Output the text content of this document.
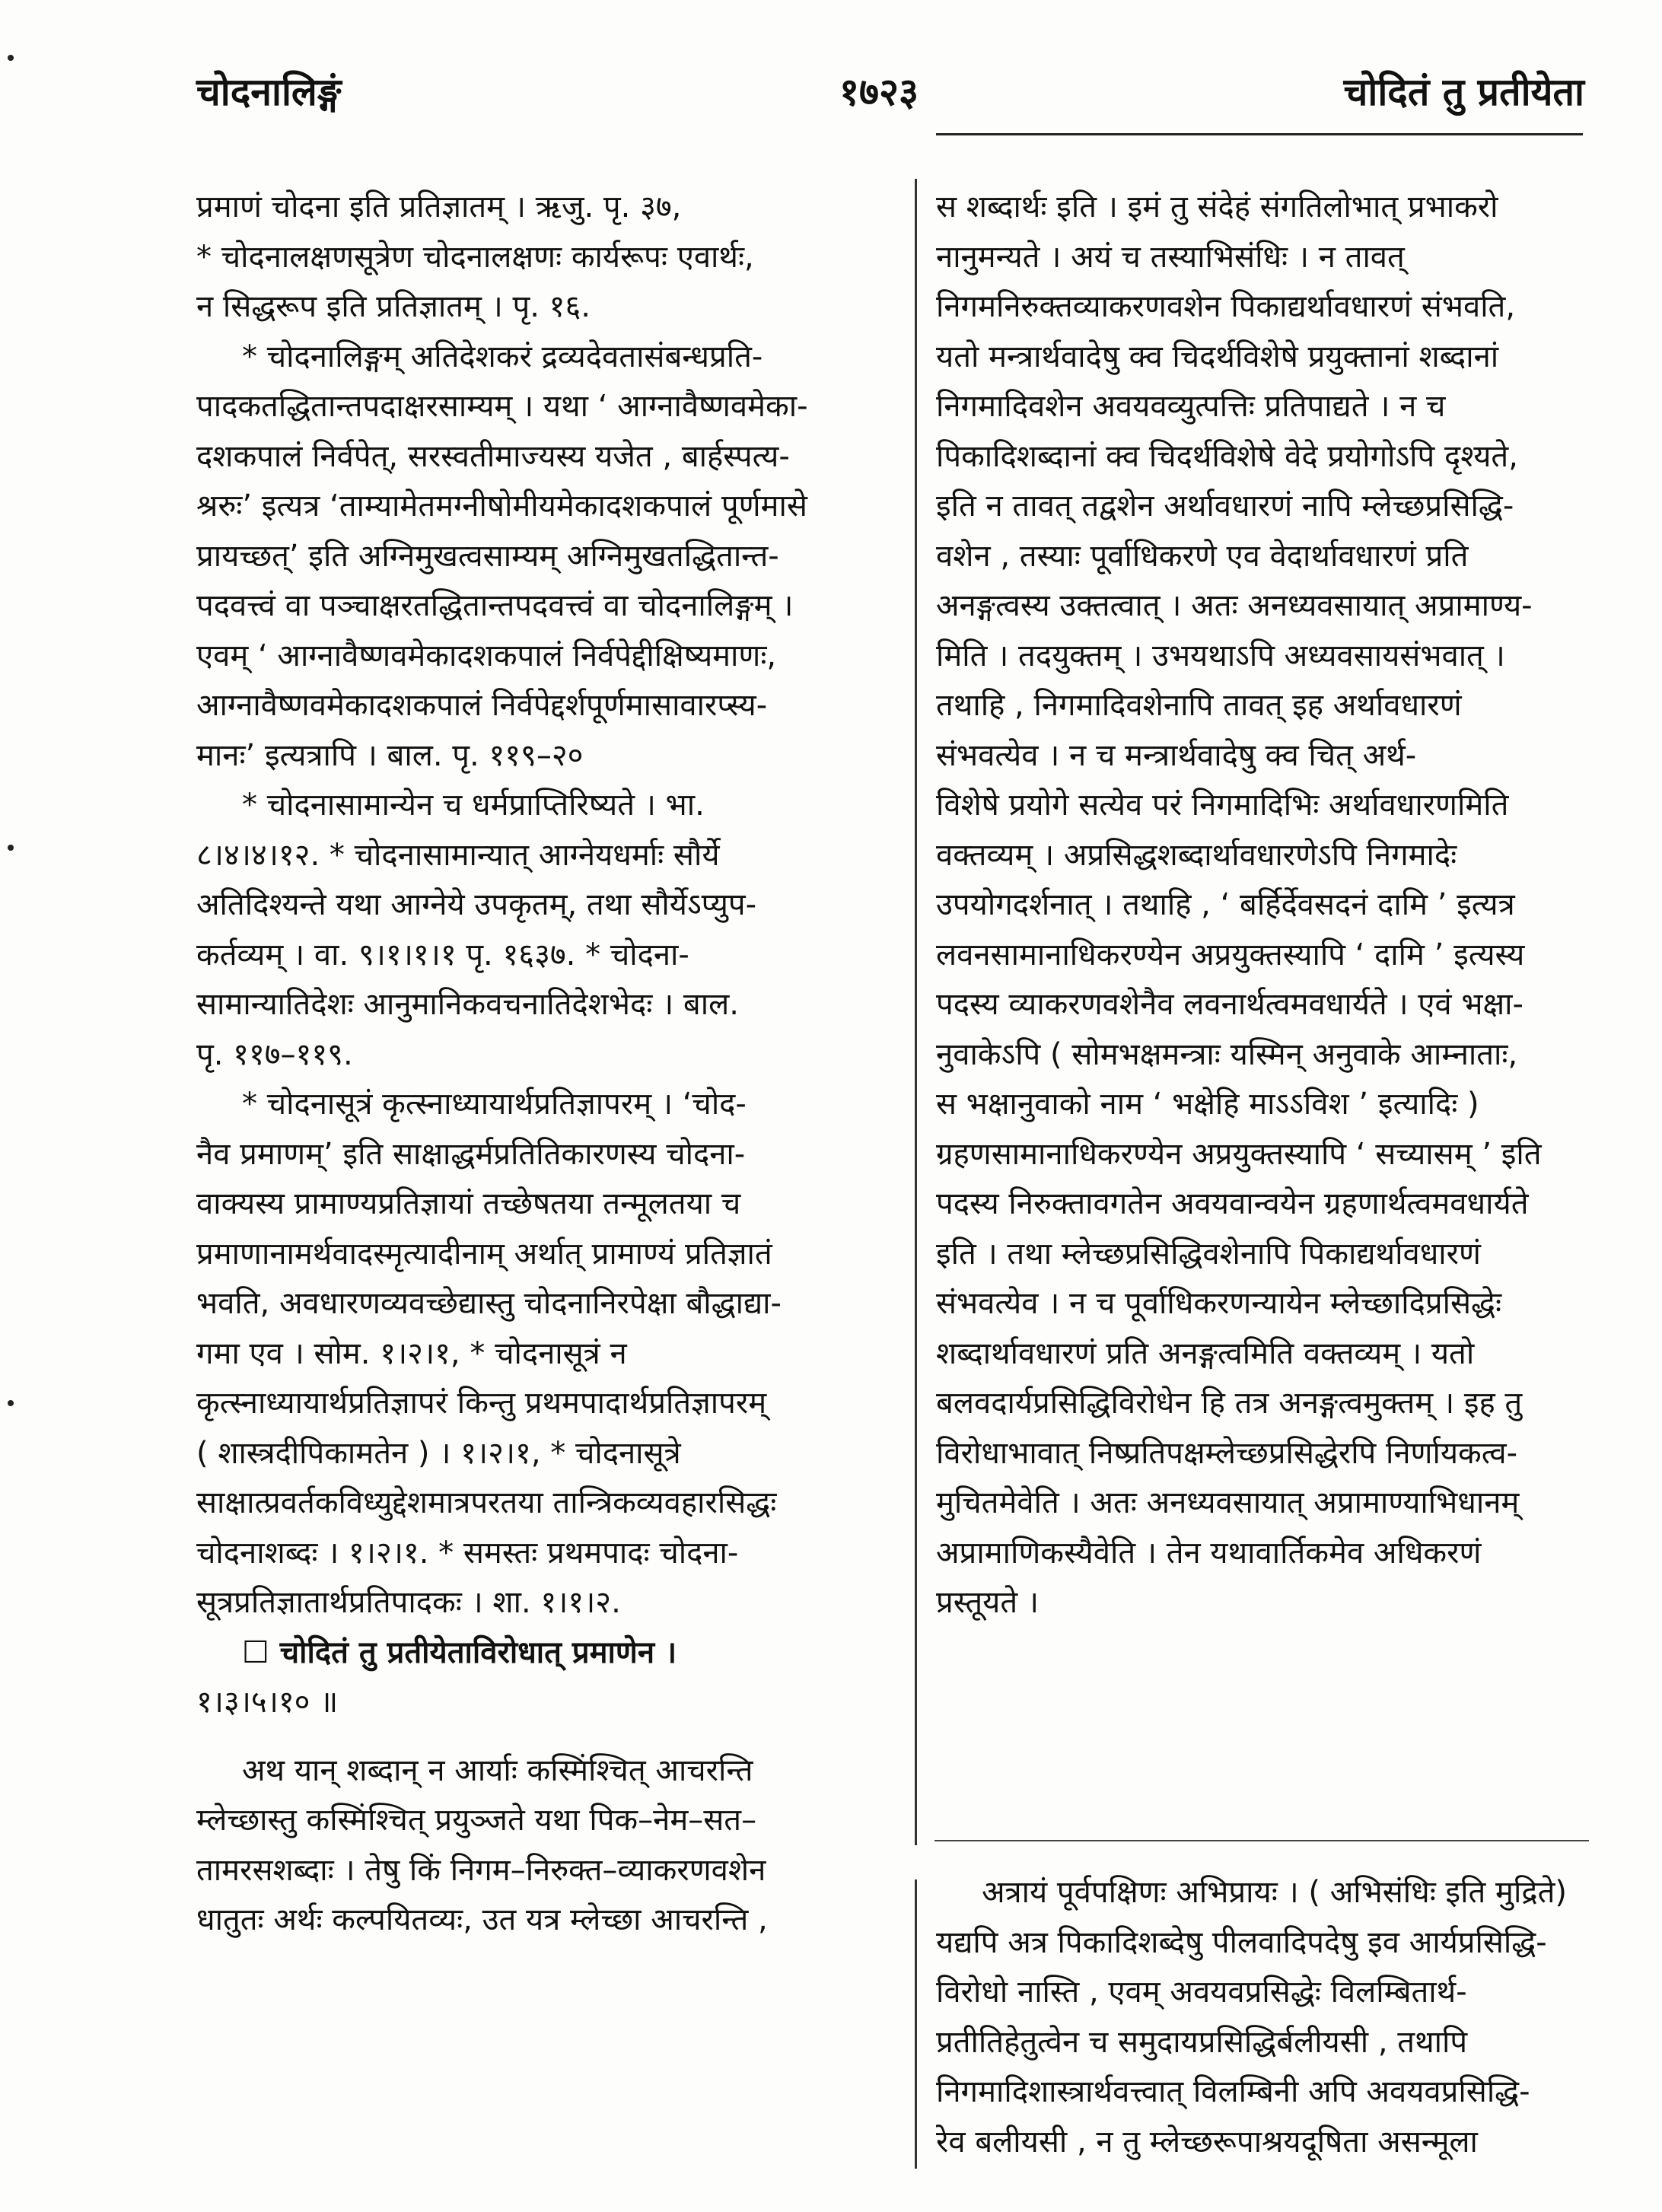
चोदनालिङ्गं	१७२३	चोदितं तु प्रतीयेता
प्रमाणं चोदना इति प्रतिज्ञातम् । ऋजु. पृ. ३७,
* चोदनालक्षणसूत्रेण चोदनालक्षणः कार्यरूपः एवार्थः,
न सिद्धरूप इति प्रतिज्ञातम् । पृ. १६.
* चोदनालिङ्गम् अतिदेशकरं द्रव्यदेवतासंबन्धप्रति-
पादकतद्धितान्तपदाक्षरसाम्यम् । यथा ‘ आग्नावैष्णवमेका-
दशकपालं निर्वपेत्, सरस्वतीमाज्यस्य यजेत , बार्हस्पत्य-
श्ररुः’ इत्यत्र ‘ताम्यामेतमग्नीषोमीयमेकादशकपालं पूर्णमासे
प्रायच्छत्’ इति अग्निमुखत्वसाम्यम् अग्निमुखतद्धितान्त-
पदवत्त्वं वा पञ्चाक्षरतद्धितान्तपदवत्त्वं वा चोदनालिङ्गम् ।
एवम् ‘ आग्नावैष्णवमेकादशकपालं निर्वपेद्दीक्षिष्यमाणः,
आग्नावैष्णवमेकादशकपालं निर्वपेद्दर्शपूर्णमासावारप्स्य-
मानः’ इत्यत्रापि । बाल. पृ. ११९–२०
* चोदनासामान्येन च धर्मप्राप्तिरिष्यते । भा.
८।४।४।१२. * चोदनासामान्यात् आग्नेयधर्माः सौर्ये
अतिदिश्यन्ते यथा आग्नेये उपकृतम्, तथा सौर्येऽप्युप-
कर्तव्यम् । वा. ९।१।१।१ पृ. १६३७. * चोदना-
सामान्यातिदेशः आनुमानिकवचनातिदेशभेदः । बाल.
पृ. ११७–११९.
* चोदनासूत्रं कृत्स्नाध्यायार्थप्रतिज्ञापरम् । ‘चोद-
नैव प्रमाणम्’ इति साक्षाद्धर्मप्रतितिकारणस्य चोदना-
वाक्यस्य प्रामाण्यप्रतिज्ञायां तच्छेषतया तन्मूलतया च
प्रमाणानामर्थवादस्मृत्यादीनाम् अर्थात् प्रामाण्यं प्रतिज्ञातं
भवति, अवधारणव्यवच्छेद्यास्तु चोदनानिरपेक्षा बौद्धाद्या-
गमा एव । सोम. १।२।१, * चोदनासूत्रं न
कृत्स्नाध्यायार्थप्रतिज्ञापरं किन्तु प्रथमपादार्थप्रतिज्ञापरम्
( शास्त्रदीपिकामतेन ) । १।२।१, * चोदनासूत्रे
साक्षात्प्रवर्तकविध्युद्देशमात्रपरतया तान्त्रिकव्यवहारसिद्धः
चोदनाशब्दः । १।२।१. * समस्तः प्रथमपादः चोदना-
सूत्रप्रतिज्ञातार्थप्रतिपादकः । शा. १।१।२.
☐ चोदितं तु प्रतीयेताविरोधात् प्रमाणेन ।
१।३।५।१० ॥
अथ यान् शब्दान् न आर्याः कस्मिंश्चित् आचरन्ति
म्लेच्छास्तु कस्मिंश्चित् प्रयुञ्जते यथा पिक–नेम–सत–
तामरसशब्दाः । तेषु किं निगम–निरुक्त–व्याकरणवशेन
धातुतः अर्थः कल्पयितव्यः, उत यत्र म्लेच्छा आचरन्ति ,
स शब्दार्थः इति । इमं तु संदेहं संगतिलोभात् प्रभाकरो
नानुमन्यते । अयं च तस्याभिसंधिः । न तावत्
निगमनिरुक्तव्याकरणवशेन पिकाद्यर्थावधारणं संभवति,
यतो मन्त्रार्थवादेषु क्व चिदर्थविशेषे प्रयुक्तानां शब्दानां
निगमादिवशेन अवयवव्युत्पत्तिः प्रतिपाद्यते । न च
पिकादिशब्दानां क्व चिदर्थविशेषे वेदे प्रयोगोऽपि दृश्यते,
इति न तावत् तद्वशेन अर्थावधारणं नापि म्लेच्छप्रसिद्धि-
वशेन , तस्याः पूर्वाधिकरणे एव वेदार्थावधारणं प्रति
अनङ्गत्वस्य उक्तत्वात् । अतः अनध्यवसायात् अप्रामाण्य-
मिति । तदयुक्तम् । उभयथाऽपि अध्यवसायसंभवात् ।
तथाहि , निगमादिवशेनापि तावत् इह अर्थावधारणं
संभवत्येव । न च मन्त्रार्थवादेषु क्व चित् अर्थ-
विशेषे प्रयोगे सत्येव परं निगमादिभिः अर्थावधारणमिति
वक्तव्यम् । अप्रसिद्धशब्दार्थावधारणेऽपि निगमादेः
उपयोगदर्शनात् । तथाहि , ‘ बर्हिर्देवसदनं दामि ’ इत्यत्र
लवनसामानाधिकरण्येन अप्रयुक्तस्यापि ‘ दामि ’ इत्यस्य
पदस्य व्याकरणवशेनैव लवनार्थत्वमवधार्यते । एवं भक्षा-
नुवाकेऽपि ( सोमभक्षमन्त्राः यस्मिन् अनुवाके आम्नाताः,
स भक्षानुवाको नाम ‘ भक्षेहि माऽऽविश ’ इत्यादिः )
ग्रहणसामानाधिकरण्येन अप्रयुक्तस्यापि ‘ सच्यासम् ’ इति
पदस्य निरुक्तावगतेन अवयवान्वयेन ग्रहणार्थत्वमवधार्यते
इति । तथा म्लेच्छप्रसिद्धिवशेनापि पिकाद्यर्थावधारणं
संभवत्येव । न च पूर्वाधिकरणन्यायेन म्लेच्छादिप्रसिद्धेः
शब्दार्थावधारणं प्रति अनङ्गत्वमिति वक्तव्यम् । यतो
बलवदार्यप्रसिद्धिविरोधेन हि तत्र अनङ्गत्वमुक्तम् । इह तु
विरोधाभावात् निष्प्रतिपक्षम्लेच्छप्रसिद्धेरपि निर्णायकत्व-
मुचितमेवेति । अतः अनध्यवसायात् अप्रामाण्याभिधानम्
अप्रामाणिकस्यैवेति । तेन यथावार्तिकमेव अधिकरणं
प्रस्तूयते ।
अत्रायं पूर्वपक्षिणः अभिप्रायः । ( अभिसंधिः इति मुद्रिते)
यद्यपि अत्र पिकादिशब्देषु पीलवादिपदेषु इव आर्यप्रसिद्धि-
विरोधो नास्ति , एवम् अवयवप्रसिद्धेः विलम्बितार्थ-
प्रतीतिहेतुत्वेन च समुदायप्रसिद्धिर्बलीयसी , तथापि
निगमादिशास्त्रार्थवत्त्वात् विलम्बिनी अपि अवयवप्रसिद्धि-
रेव बलीयसी , न तु म्लेच्छरूपाश्रयदूषिता असन्मूला
